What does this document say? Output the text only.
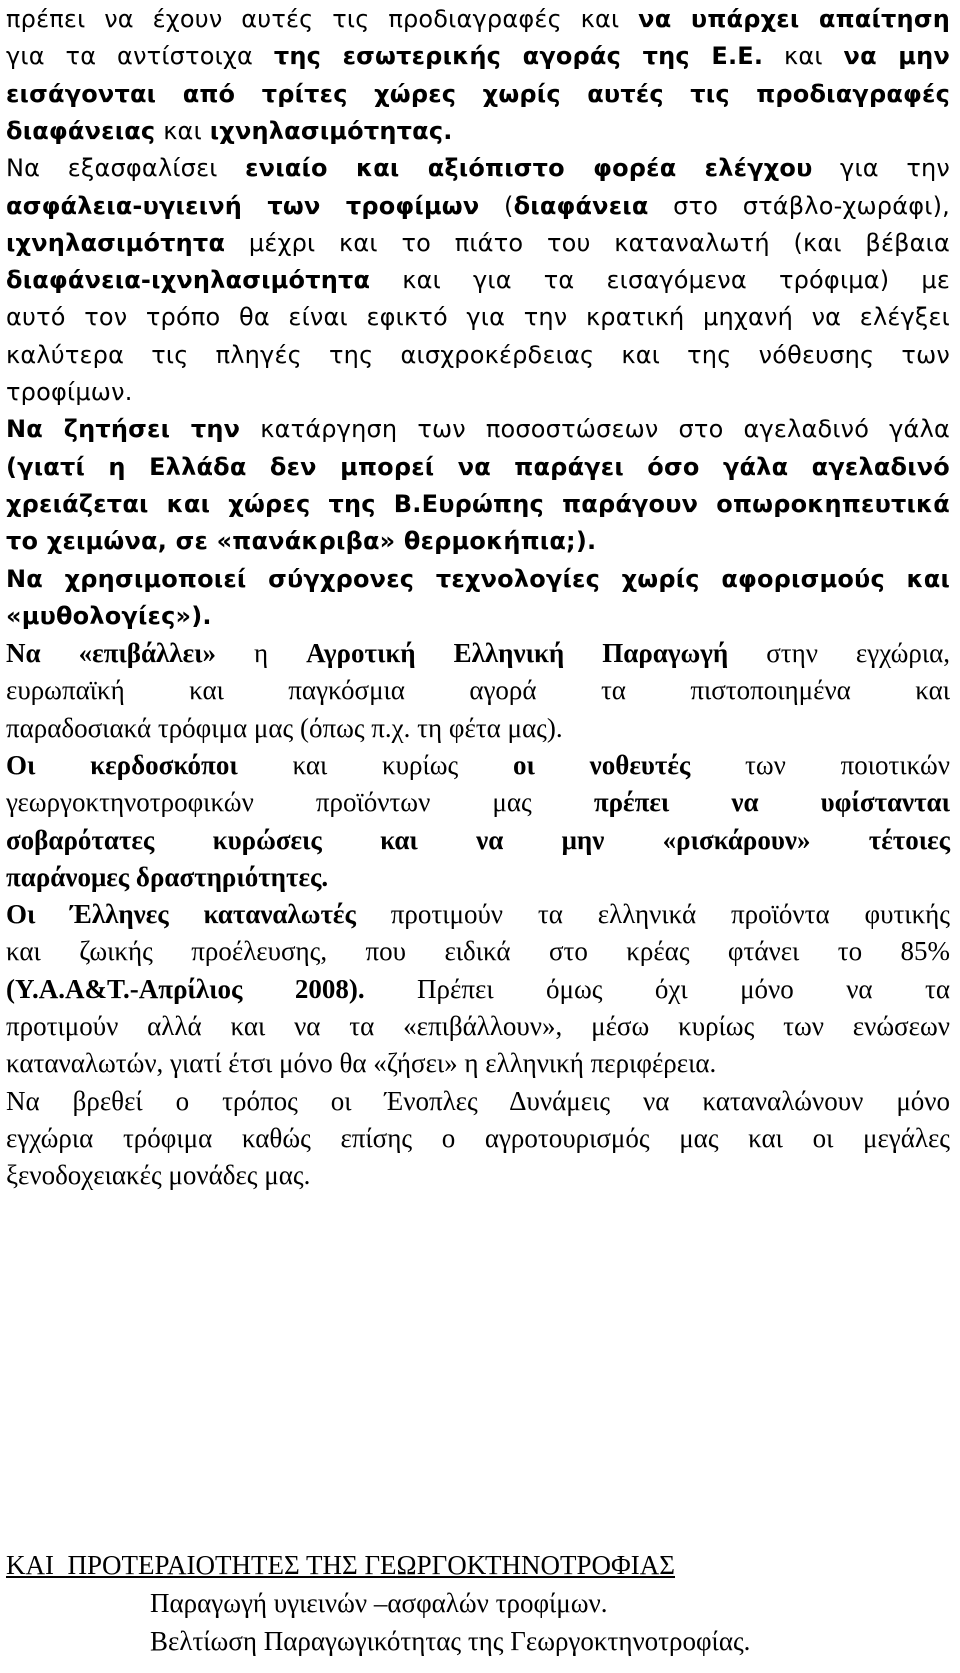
πρέπει να έχουν αυτές τις προδιαγραφές και να υπάρχει απαίτηση
για τα αντίστοιχα της εσωτερικής αγοράς της Ε.Ε. και να μην
εισάγονται από τρίτες χώρες χωρίς αυτές τις προδιαγραφές
διαφάνειας και ιχνηλασιμότητας.
Να εξασφαλίσει ενιαίο και αξιόπιστο φορέα ελέγχου για την
ασφάλεια-υγιεινή των τροφίμων (διαφάνεια στο στάβλο-χωράφι),
ιχνηλασιμότητα μέχρι και το πιάτο του καταναλωτή (και βέβαια
διαφάνεια-ιχνηλασιμότητα και για τα εισαγόμενα τρόφιμα) με
αυτό τον τρόπο θα είναι εφικτό για την κρατική μηχανή να ελέγξει
καλύτερα τις πληγές της αισχροκέρδειας και της νόθευσης των
τροφίμων.
Να ζητήσει την κατάργηση των ποσοστώσεων στο αγελαδινό γάλα
(γιατί η Ελλάδα δεν μπορεί να παράγει όσο γάλα αγελαδινό
χρειάζεται και χώρες της Β.Ευρώπης παράγουν οπωροκηπευτικά
το χειμώνα, σε «πανάκριβα» θερμοκήπια;).
Να χρησιμοποιεί σύγχρονες τεχνολογίες χωρίς αφορισμούς και
«μυθολογίες»).
Να «επιβάλλει» η Αγροτική Ελληνική Παραγωγή στην εγχώρια,
ευρωπαϊκή και παγκόσμια αγορά τα πιστοποιημένα και
παραδοσιακά τρόφιμα μας (όπως π.χ. τη φέτα μας).
Οι κερδοσκόποι και κυρίως οι νοθευτές των ποιοτικών
γεωργοκτηνοτροφικών προϊόντων μας πρέπει να υφίστανται
σοβαρότατες κυρώσεις και να μην «ρισκάρουν» τέτοιες
παράνομες δραστηριότητες.
Οι Έλληνες καταναλωτές προτιμούν τα ελληνικά προϊόντα φυτικής
και ζωικής προέλευσης, που ειδικά στο κρέας φτάνει το 85%
(Υ.Α.Α&Τ.-Απρίλιος 2008). Πρέπει όμως όχι μόνο να τα
προτιμούν αλλά και να τα «επιβάλλουν», μέσω κυρίως των ενώσεων
καταναλωτών, γιατί έτσι μόνο θα «ζήσει» η ελληνική περιφέρεια.
Να βρεθεί ο τρόπος οι Ένοπλες Δυνάμεις να καταναλώνουν μόνο
εγχώρια τρόφιμα καθώς επίσης ο αγροτουρισμός μας και οι μεγάλες
ξενοδοχειακές μονάδες μας.
ΚΑΙ  ΠΡΟΤΕΡΑΙΟΤΗΤΕΣ ΤΗΣ ΓΕΩΡΓΟΚΤΗΝΟΤΡΟΦΙΑΣ
Παραγωγή υγιεινών –ασφαλών τροφίμων.
Βελτίωση Παραγωγικότητας της Γεωργοκτηνοτροφίας.
